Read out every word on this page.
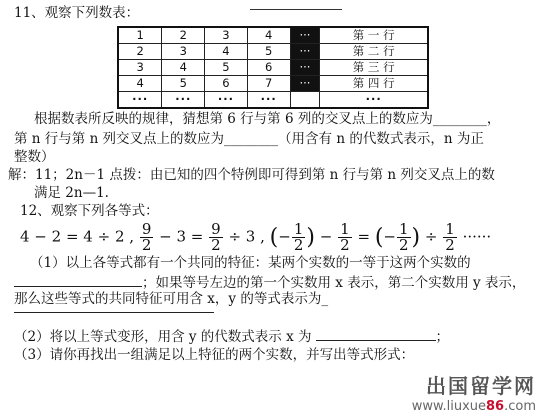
11、观察下列数表：
1	2	3	4	···	第 一 行
2	3	4	5	···	第 二 行
3	4	5	6	···	第 三 行
4	5	6	7	···	第 四 行
···	···	···	···		···
根据数表所反映的规律，猜想第 6 行与第 6 列的交叉点上的数应为________，
第 n 行与第 n 列交叉点上的数应为________（用含有 n 的代数式表示，n 为正
整数）
解：11；2n－1 点拨：由已知的四个特例即可得到第 n 行与第 n 列交叉点上的数
满足 2n—1.
12、观察下列各等式：
4 − 2 = 4 ÷ 2 , $\frac{9}{2} - 3 = \frac{9}{2} \div 3$ , (− $\frac{1}{2}$ ) − $\frac{1}{2}$ = (− $\frac{1}{2}$ ) ÷ $\frac{1}{2}$ ······
（1）以上各等式都有一个共同的特征：某两个实数的一等于这两个实数的
；如果等号左边的第一个实数用 x 表示，第二个实数用 y 表示，
那么这些等式的共同特征可用含 x，y 的等式表示为_
（2）将以上等式变形，用含 y 的代数式表示 x 为	；
（3）请你再找出一组满足以上特征的两个实数，并写出等式形式：
出国留学网
www.liuxue86.com
